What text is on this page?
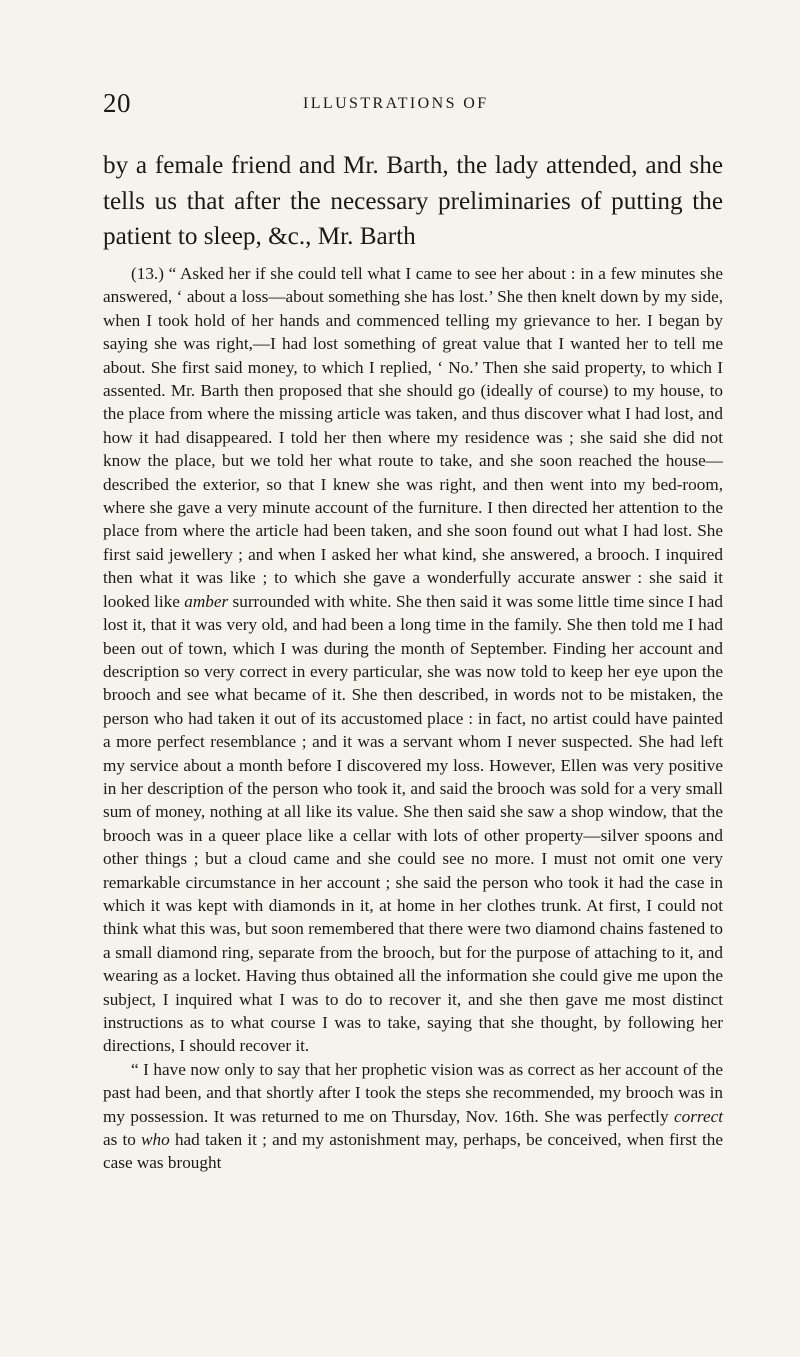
20	ILLUSTRATIONS OF
by a female friend and Mr. Barth, the lady attended, and she tells us that after the necessary preliminaries of putting the patient to sleep, &c., Mr. Barth

(13.) “ Asked her if she could tell what I came to see her about : in a few minutes she answered, ‘ about a loss—about something she has lost.’ She then knelt down by my side, when I took hold of her hands and commenced telling my grievance to her. I began by saying she was right,—I had lost something of great value that I wanted her to tell me about. She first said money, to which I replied, ‘ No.’ Then she said property, to which I assented. Mr. Barth then proposed that she should go (ideally of course) to my house, to the place from where the missing article was taken, and thus discover what I had lost, and how it had disappeared. I told her then where my residence was ; she said she did not know the place, but we told her what route to take, and she soon reached the house—described the exterior, so that I knew she was right, and then went into my bed-room, where she gave a very minute account of the furniture. I then directed her attention to the place from where the article had been taken, and she soon found out what I had lost. She first said jewellery ; and when I asked her what kind, she answered, a brooch. I inquired then what it was like ; to which she gave a wonderfully accurate answer : she said it looked like amber surrounded with white. She then said it was some little time since I had lost it, that it was very old, and had been a long time in the family. She then told me I had been out of town, which I was during the month of September. Finding her account and description so very correct in every particular, she was now told to keep her eye upon the brooch and see what became of it. She then described, in words not to be mistaken, the person who had taken it out of its accustomed place : in fact, no artist could have painted a more perfect resemblance ; and it was a servant whom I never suspected. She had left my service about a month before I discovered my loss. However, Ellen was very positive in her description of the person who took it, and said the brooch was sold for a very small sum of money, nothing at all like its value. She then said she saw a shop window, that the brooch was in a queer place like a cellar with lots of other property—silver spoons and other things ; but a cloud came and she could see no more. I must not omit one very remarkable circumstance in her account ; she said the person who took it had the case in which it was kept with diamonds in it, at home in her clothes trunk. At first, I could not think what this was, but soon remembered that there were two diamond chains fastened to a small diamond ring, separate from the brooch, but for the purpose of attaching to it, and wearing as a locket. Having thus obtained all the information she could give me upon the subject, I inquired what I was to do to recover it, and she then gave me most distinct instructions as to what course I was to take, saying that she thought, by following her directions, I should recover it.

“ I have now only to say that her prophetic vision was as correct as her account of the past had been, and that shortly after I took the steps she recommended, my brooch was in my possession. It was returned to me on Thursday, Nov. 16th. She was perfectly correct as to who had taken it ; and my astonishment may, perhaps, be conceived, when first the case was brought
